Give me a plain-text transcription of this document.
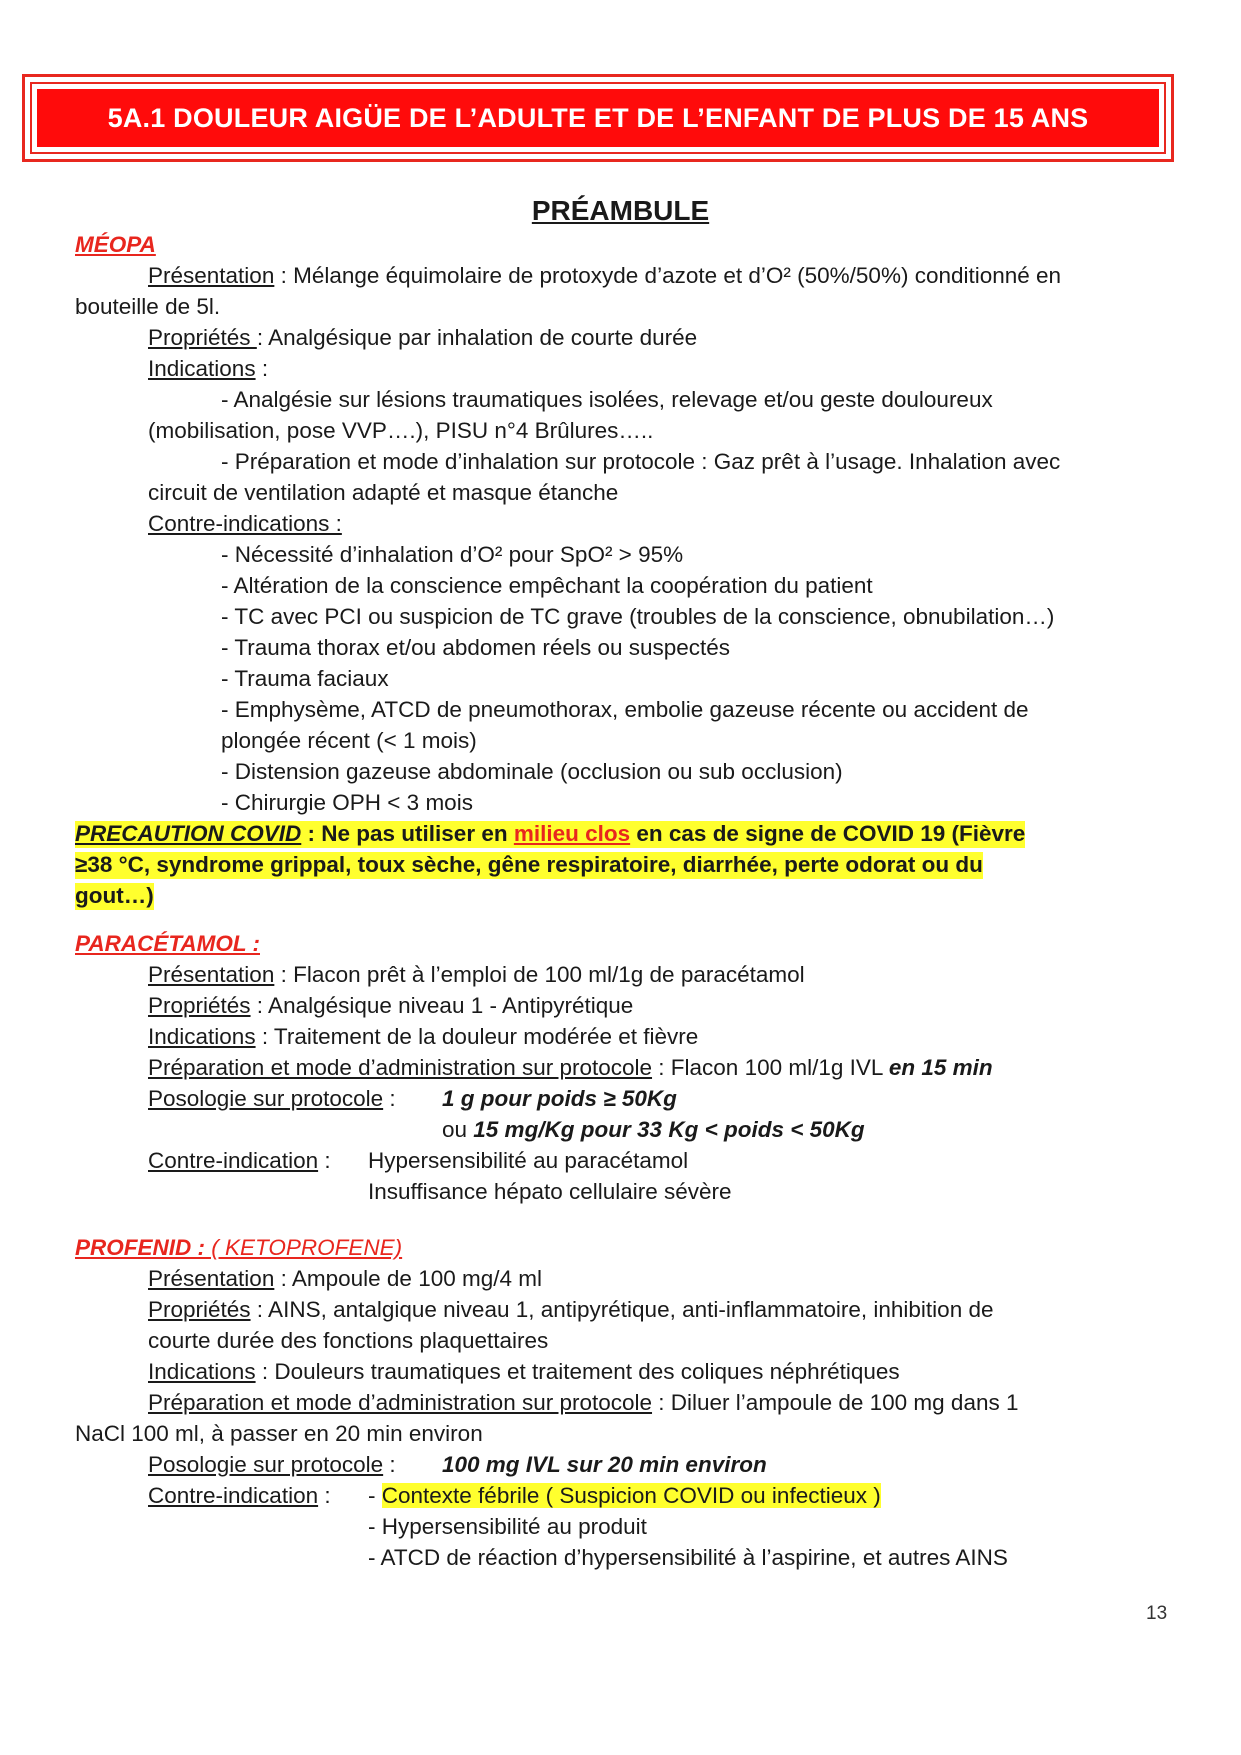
5A.1 DOULEUR AIGÜE DE L’ADULTE ET DE L’ENFANT DE PLUS DE 15 ANS
PRÉAMBULE
MÉOPA
Présentation : Mélange équimolaire de protoxyde d’azote et d’O² (50%/50%) conditionné en
bouteille de 5l.
Propriétés : Analgésique par inhalation de courte durée
Indications :
- Analgésie sur lésions traumatiques isolées, relevage et/ou geste douloureux
(mobilisation, pose VVP….), PISU n°4 Brûlures…..
- Préparation et mode d’inhalation sur protocole : Gaz prêt à l’usage. Inhalation avec
circuit de ventilation adapté et masque étanche
Contre-indications :
- Nécessité d’inhalation d’O² pour SpO² > 95%
- Altération de la conscience empêchant la coopération du patient
- TC avec PCI ou suspicion de TC grave (troubles de la conscience, obnubilation…)
- Trauma thorax et/ou abdomen réels ou suspectés
- Trauma faciaux
- Emphysème, ATCD de pneumothorax, embolie gazeuse récente ou accident de
plongée récent (< 1 mois)
- Distension gazeuse abdominale (occlusion ou sub occlusion)
- Chirurgie OPH < 3 mois
PRECAUTION COVID : Ne pas utiliser en milieu clos en cas de signe de COVID 19 (Fièvre
≥38 °C, syndrome grippal, toux sèche, gêne respiratoire, diarrhée, perte odorat ou du
gout…)
PARACÉTAMOL :
Présentation : Flacon prêt à l’emploi de 100 ml/1g de paracétamol
Propriétés : Analgésique niveau 1 - Antipyrétique
Indications : Traitement de la douleur modérée et fièvre
Préparation et mode d’administration sur protocole : Flacon 100 ml/1g IVL en 15 min
Posologie sur protocole : 1 g pour poids ≥ 50Kg
ou 15 mg/Kg pour 33 Kg < poids < 50Kg
Contre-indication : Hypersensibilité au paracétamol
Insuffisance hépato cellulaire sévère
PROFENID : ( KETOPROFENE)
Présentation : Ampoule de 100 mg/4 ml
Propriétés : AINS, antalgique niveau 1, antipyrétique, anti-inflammatoire, inhibition de
courte durée des fonctions plaquettaires
Indications : Douleurs traumatiques et traitement des coliques néphrétiques
Préparation et mode d’administration sur protocole : Diluer l’ampoule de 100 mg dans 1
NaCl 100 ml, à passer en 20 min environ
Posologie sur protocole : 100 mg IVL sur 20 min environ
Contre-indication : - Contexte fébrile ( Suspicion COVID ou infectieux )
- Hypersensibilité au produit
- ATCD de réaction d’hypersensibilité à l’aspirine, et autres AINS
13
